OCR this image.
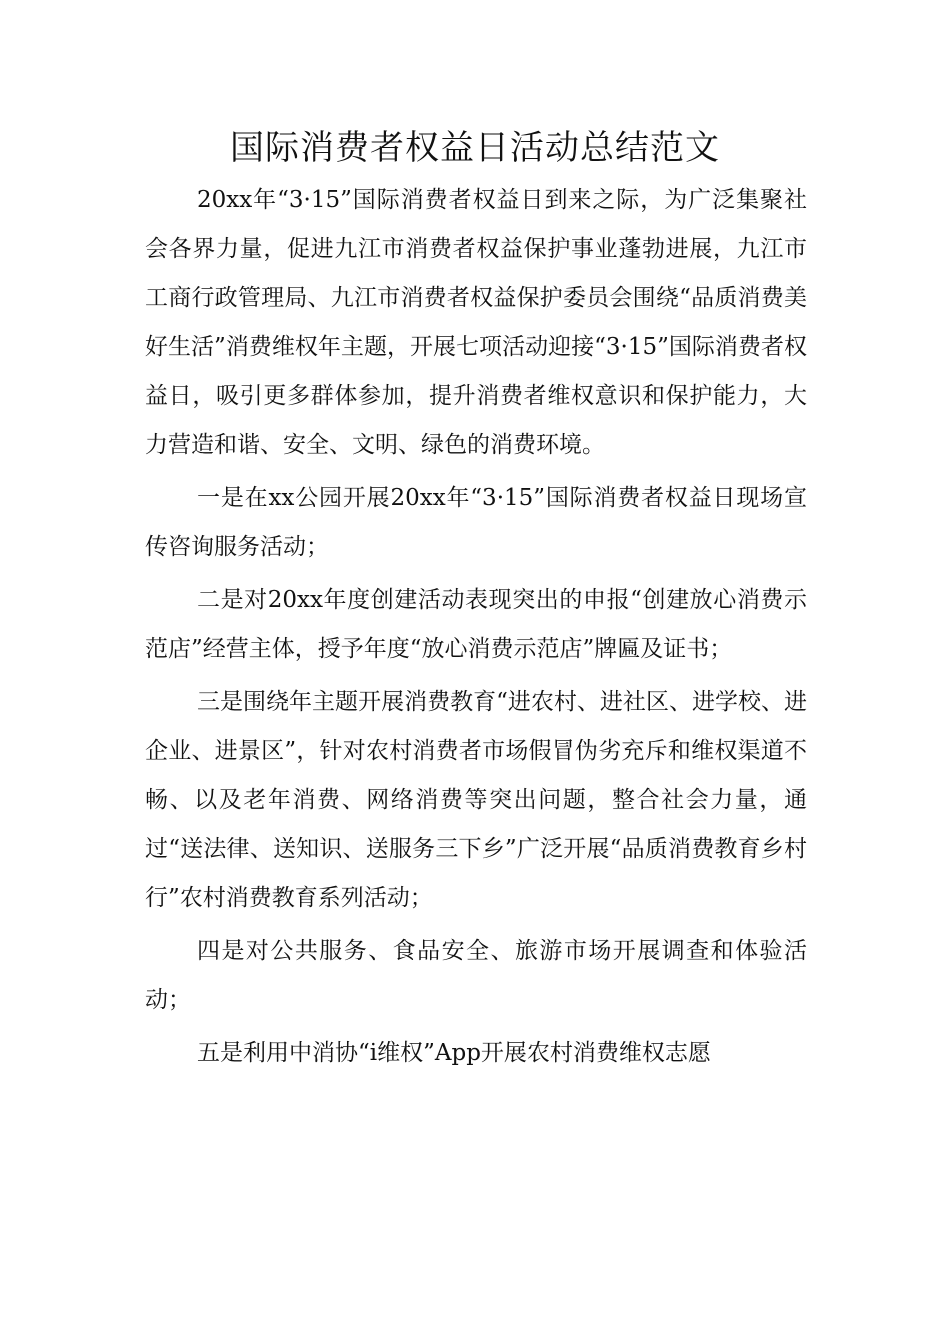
国际消费者权益日活动总结范文

20xx年“3·15”国际消费者权益日到来之际，为广泛集聚社会各界力量，促进九江市消费者权益保护事业蓬勃进展，九江市工商行政管理局、九江市消费者权益保护委员会围绕“品质消费美好生活”消费维权年主题，开展七项活动迎接“3·15”国际消费者权益日，吸引更多群体参加，提升消费者维权意识和保护能力，大力营造和谐、安全、文明、绿色的消费环境。

一是在xx公园开展20xx年“3·15”国际消费者权益日现场宣传咨询服务活动；

二是对20xx年度创建活动表现突出的申报“创建放心消费示范店”经营主体，授予年度“放心消费示范店”牌匾及证书；

三是围绕年主题开展消费教育“进农村、进社区、进学校、进企业、进景区”，针对农村消费者市场假冒伪劣充斥和维权渠道不畅、以及老年消费、网络消费等突出问题，整合社会力量，通过“送法律、送知识、送服务三下乡”广泛开展“品质消费教育乡村行”农村消费教育系列活动；

四是对公共服务、食品安全、旅游市场开展调查和体验活动；

五是利用中消协“i维权”App开展农村消费维权志愿
